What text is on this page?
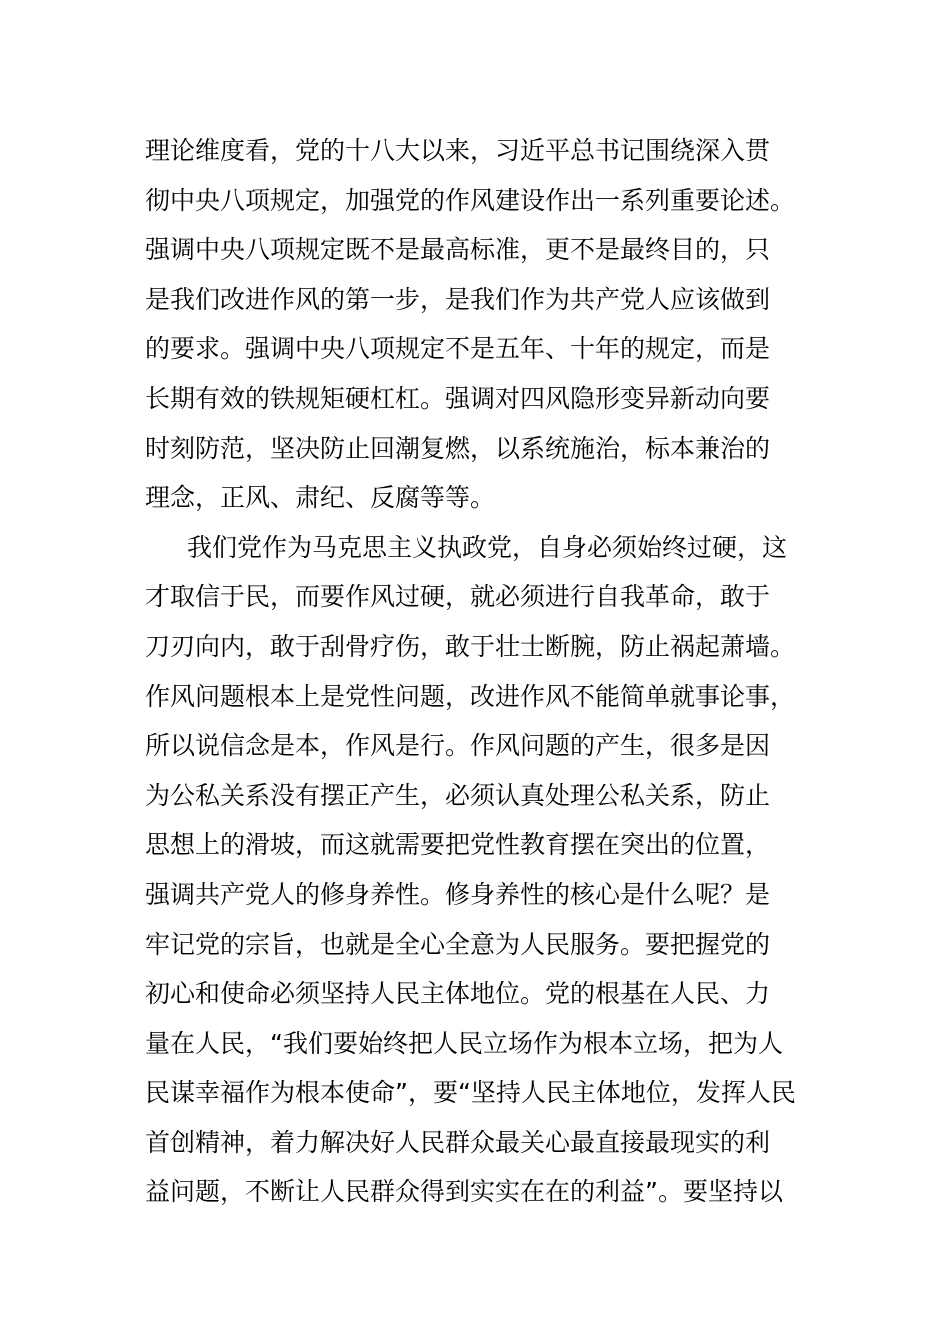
理论维度看，党的十八大以来，习近平总书记围绕深入贯
彻中央八项规定，加强党的作风建设作出一系列重要论述。
强调中央八项规定既不是最高标准，更不是最终目的，只
是我们改进作风的第一步，是我们作为共产党人应该做到
的要求。强调中央八项规定不是五年、十年的规定，而是
长期有效的铁规矩硬杠杠。强调对四风隐形变异新动向要
时刻防范，坚决防止回潮复燃，以系统施治，标本兼治的
理念，正风、肃纪、反腐等等。
我们党作为马克思主义执政党，自身必须始终过硬，这
才取信于民，而要作风过硬，就必须进行自我革命，敢于
刀刃向内，敢于刮骨疗伤，敢于壮士断腕，防止祸起萧墙。
作风问题根本上是党性问题，改进作风不能简单就事论事，
所以说信念是本，作风是行。作风问题的产生，很多是因
为公私关系没有摆正产生，必须认真处理公私关系，防止
思想上的滑坡，而这就需要把党性教育摆在突出的位置，
强调共产党人的修身养性。修身养性的核心是什么呢？是
牢记党的宗旨，也就是全心全意为人民服务。要把握党的
初心和使命必须坚持人民主体地位。党的根基在人民、力
量在人民，“我们要始终把人民立场作为根本立场，把为人
民谋幸福作为根本使命”，要“坚持人民主体地位，发挥人民
首创精神，着力解决好人民群众最关心最直接最现实的利
益问题，不断让人民群众得到实实在在的利益”。要坚持以
